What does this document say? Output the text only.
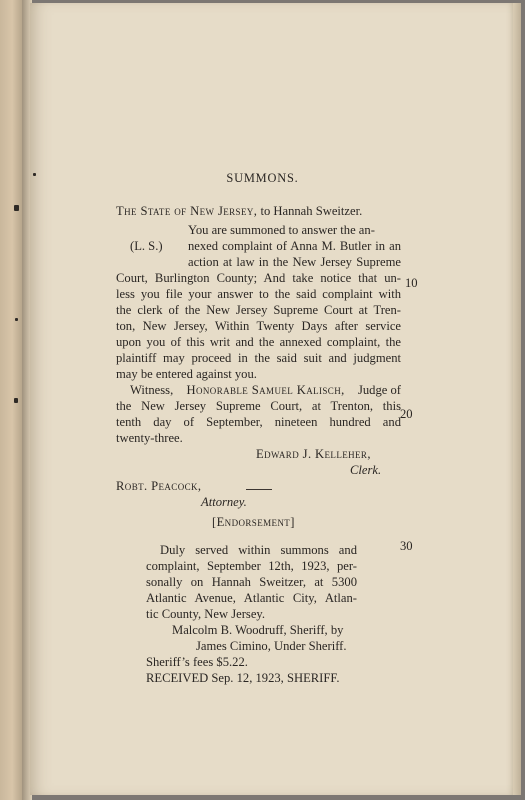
SUMMONS.
The State of New Jersey, to Hannah Sweitzer.
(L. S.)
You are summoned to answer the an-
nexed complaint of Anna M. Butler in an
action at law in the New Jersey Supreme
Court, Burlington County; And take notice that un-
less you file your answer to the said complaint with
the clerk of the New Jersey Supreme Court at Tren-
ton, New Jersey, Within Twenty Days after service
upon you of this writ and the annexed complaint, the
plaintiff may proceed in the said suit and judgment
may be entered against you.
Witness, Honorable Samuel Kalisch, Judge of
the New Jersey Supreme Court, at Trenton, this
tenth day of September, nineteen hundred and
twenty-three.
Edward J. Kelleher,
Clerk.
Robt. Peacock,
Attorney.
[Endorsement]
Duly served within summons and
complaint, September 12th, 1923, per-
sonally on Hannah Sweitzer, at 5300
Atlantic Avenue, Atlantic City, Atlan-
tic County, New Jersey.
Malcolm B. Woodruff, Sheriff, by
James Cimino, Under Sheriff.
Sheriff’s fees $5.22.
RECEIVED Sep. 12, 1923, SHERIFF.
10
20
30
